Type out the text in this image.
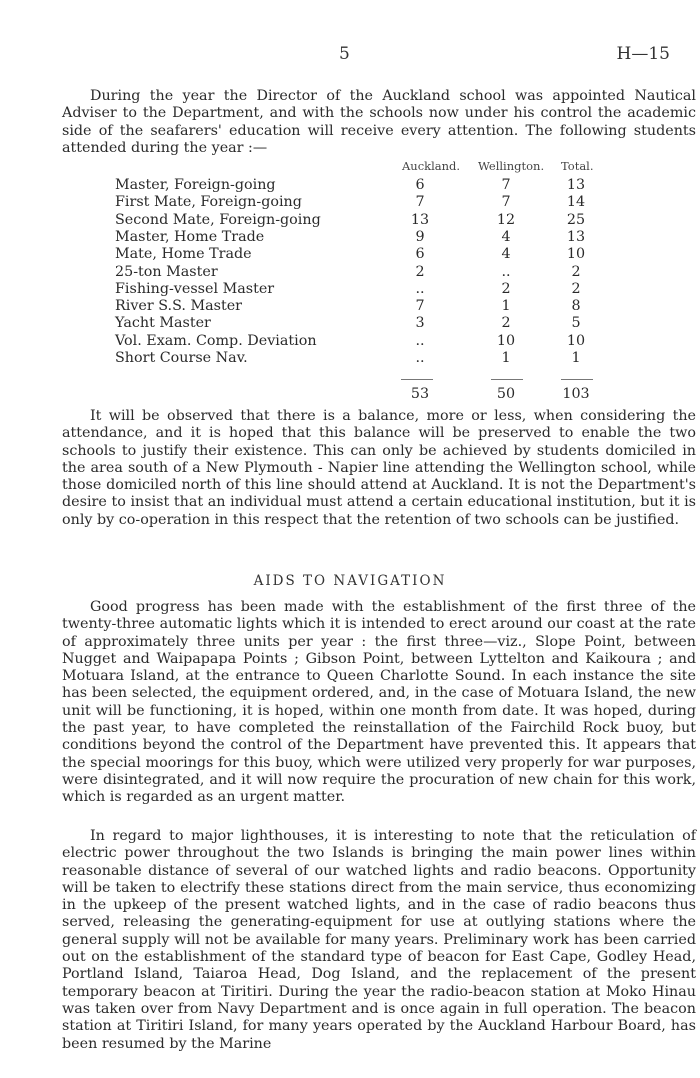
5	H—15

During the year the Director of the Auckland school was appointed Nautical Adviser to the Department, and with the schools now under his control the academic side of the seafarers' education will receive every attention. The following students attended during the year :—

Auckland. Wellington. Total.
Master, Foreign-going	6	7	13
First Mate, Foreign-going	7	7	14
Second Mate, Foreign-going	13	12	25
Master, Home Trade	9	4	13
Mate, Home Trade	6	4	10
25-ton Master	2	..	2
Fishing-vessel Master	..	2	2
River S.S. Master	7	1	8
Yacht Master	3	2	5
Vol. Exam. Comp. Deviation	..	10	10
Short Course Nav.	..	1	1
53	50	103

It will be observed that there is a balance, more or less, when considering the attendance, and it is hoped that this balance will be preserved to enable the two schools to justify their existence. This can only be achieved by students domiciled in the area south of a New Plymouth - Napier line attending the Wellington school, while those domiciled north of this line should attend at Auckland. It is not the Department's desire to insist that an individual must attend a certain educational institution, but it is only by co-operation in this respect that the retention of two schools can be justified.

AIDS TO NAVIGATION

Good progress has been made with the establishment of the first three of the twenty-three automatic lights which it is intended to erect around our coast at the rate of approximately three units per year : the first three—viz., Slope Point, between Nugget and Waipapapa Points ; Gibson Point, between Lyttelton and Kaikoura ; and Motuara Island, at the entrance to Queen Charlotte Sound. In each instance the site has been selected, the equipment ordered, and, in the case of Motuara Island, the new unit will be functioning, it is hoped, within one month from date. It was hoped, during the past year, to have completed the reinstallation of the Fairchild Rock buoy, but conditions beyond the control of the Department have prevented this. It appears that the special moorings for this buoy, which were utilized very properly for war purposes, were disintegrated, and it will now require the procuration of new chain for this work, which is regarded as an urgent matter.

In regard to major lighthouses, it is interesting to note that the reticulation of electric power throughout the two Islands is bringing the main power lines within reasonable distance of several of our watched lights and radio beacons. Opportunity will be taken to electrify these stations direct from the main service, thus economizing in the upkeep of the present watched lights, and in the case of radio beacons thus served, releasing the generating-equipment for use at outlying stations where the general supply will not be available for many years. Preliminary work has been carried out on the establishment of the standard type of beacon for East Cape, Godley Head, Portland Island, Taiaroa Head, Dog Island, and the replacement of the present temporary beacon at Tiritiri. During the year the radio-beacon station at Moko Hinau was taken over from Navy Department and is once again in full operation. The beacon station at Tiritiri Island, for many years operated by the Auckland Harbour Board, has been resumed by the Marine
